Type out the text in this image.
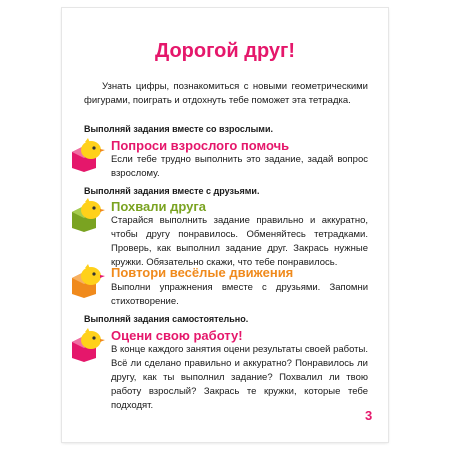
Дорогой друг!
Узнать цифры, познакомиться с новыми геометрическими фигурами, поиграть и отдохнуть тебе поможет эта тетрадка.
Выполняй задания вместе со взрослыми.
Попроси взрослого помочь
Если тебе трудно выполнить это задание, задай вопрос взрослому.
Выполняй задания вместе с друзьями.
Похвали друга
Старайся выполнить задание правильно и аккуратно, чтобы другу понравилось. Обменяйтесь тетрадками. Проверь, как выполнил задание друг. Закрась нужные кружки. Обязательно скажи, что тебе понравилось.
Повтори весёлые движения
Выполни упражнения вместе с друзьями. Запомни стихотворение.
Выполняй задания самостоятельно.
Оцени свою работу!
В конце каждого занятия оцени результаты своей работы. Всё ли сделано правильно и аккуратно? Понравилось ли другу, как ты выполнил задание? Похвалил ли твою работу взрослый? Закрась те кружки, которые тебе подходят.
3
